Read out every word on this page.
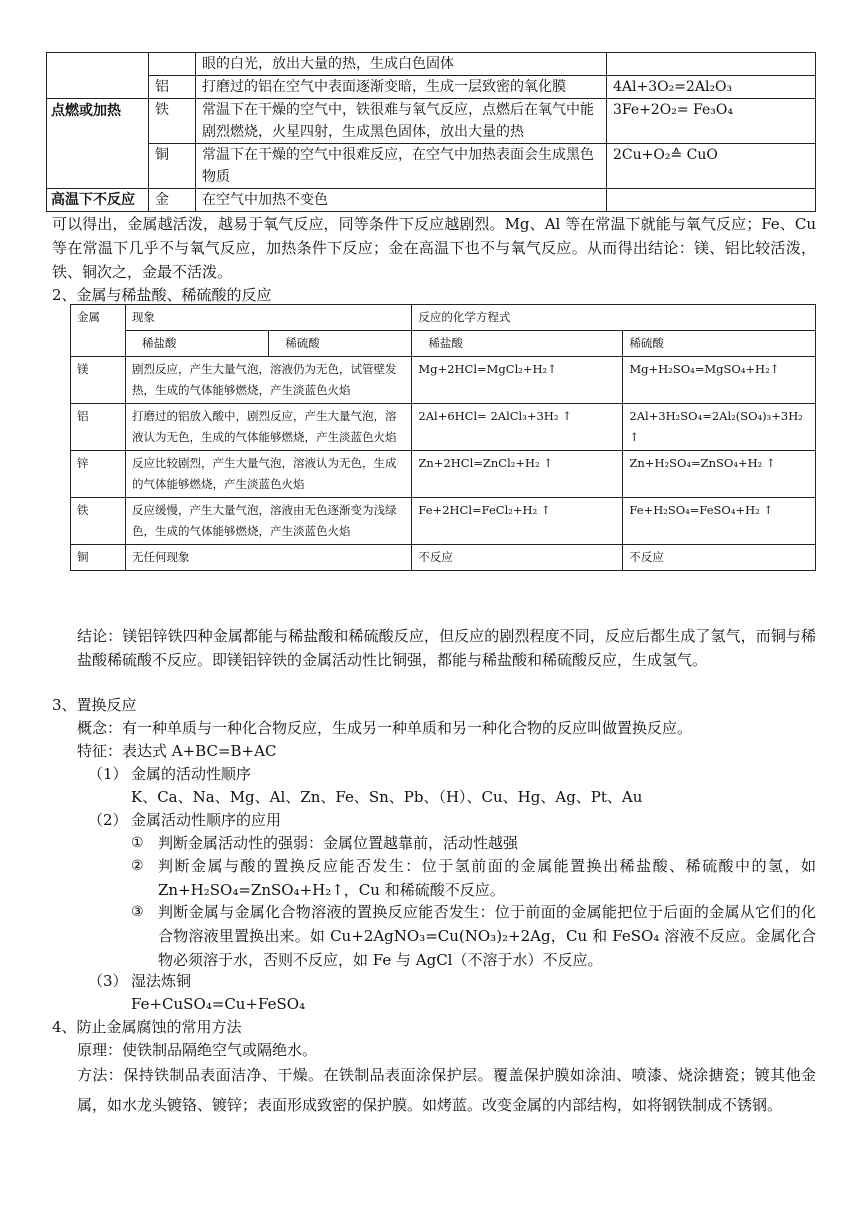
		眼的白光，放出大量的热，生成白色固体	
	铝	打磨过的铝在空气中表面逐渐变暗，生成一层致密的氧化膜	4Al+3O₂=2Al₂O₃
点燃或加热	铁	常温下在干燥的空气中，铁很难与氧气反应，点燃后在氧气中能剧烈燃烧，火星四射，生成黑色固体，放出大量的热	3Fe+2O₂= Fe₃O₄
	铜	常温下在干燥的空气中很难反应，在空气中加热表面会生成黑色物质	2Cu+O₂≙ CuO
高温下不反应	金	在空气中加热不变色	

可以得出，金属越活泼，越易于氧气反应，同等条件下反应越剧烈。Mg、Al 等在常温下就能与氧气反应；Fe、Cu 等在常温下几乎不与氧气反应，加热条件下反应；金在高温下也不与氧气反应。从而得出结论：镁、铝比较活泼，铁、铜次之，金最不活泼。

2、金属与稀盐酸、稀硫酸的反应

金属	现象		反应的化学方程式	
	稀盐酸	稀硫酸	稀盐酸	稀硫酸
镁	剧烈反应，产生大量气泡，溶液仍为无色，试管壁发热，生成的气体能够燃烧，产生淡蓝色火焰		Mg+2HCl=MgCl₂+H₂↑	Mg+H₂SO₄=MgSO₄+H₂↑
铝	打磨过的铝放入酸中，剧烈反应，产生大量气泡，溶液认为无色，生成的气体能够燃烧，产生淡蓝色火焰		2Al+6HCl= 2AlCl₃+3H₂ ↑	2Al+3H₂SO₄=2Al₂(SO₄)₃+3H₂ ↑
锌	反应比较剧烈，产生大量气泡，溶液认为无色，生成的气体能够燃烧，产生淡蓝色火焰		Zn+2HCl=ZnCl₂+H₂ ↑	Zn+H₂SO₄=ZnSO₄+H₂ ↑
铁	反应缓慢，产生大量气泡，溶液由无色逐渐变为浅绿色，生成的气体能够燃烧，产生淡蓝色火焰		Fe+2HCl=FeCl₂+H₂ ↑	Fe+H₂SO₄=FeSO₄+H₂ ↑
铜	无任何现象		不反应	不反应

结论：镁铝锌铁四种金属都能与稀盐酸和稀硫酸反应，但反应的剧烈程度不同，反应后都生成了氢气，而铜与稀盐酸稀硫酸不反应。即镁铝锌铁的金属活动性比铜强，都能与稀盐酸和稀硫酸反应，生成氢气。

3、置换反应

概念：有一种单质与一种化合物反应，生成另一种单质和另一种化合物的反应叫做置换反应。

特征：表达式 A+BC=B+AC

（1） 金属的活动性顺序

K、Ca、Na、Mg、Al、Zn、Fe、Sn、Pb、（H）、Cu、Hg、Ag、Pt、Au

（2） 金属活动性顺序的应用

① 判断金属活动性的强弱：金属位置越靠前，活动性越强

② 判断金属与酸的置换反应能否发生：位于氢前面的金属能置换出稀盐酸、稀硫酸中的氢，如 Zn+H₂SO₄=ZnSO₄+H₂↑，Cu 和稀硫酸不反应。

③ 判断金属与金属化合物溶液的置换反应能否发生：位于前面的金属能把位于后面的金属从它们的化合物溶液里置换出来。如 Cu+2AgNO₃=Cu(NO₃)₂+2Ag，Cu 和 FeSO₄ 溶液不反应。金属化合物必须溶于水，否则不反应，如 Fe 与 AgCl（不溶于水）不反应。

（3） 湿法炼铜

Fe+CuSO₄=Cu+FeSO₄

4、防止金属腐蚀的常用方法

原理：使铁制品隔绝空气或隔绝水。

方法：保持铁制品表面洁净、干燥。在铁制品表面涂保护层。覆盖保护膜如涂油、喷漆、烧涂搪瓷；镀其他金属，如水龙头镀铬、镀锌；表面形成致密的保护膜。如烤蓝。改变金属的内部结构，如将钢铁制成不锈钢。
